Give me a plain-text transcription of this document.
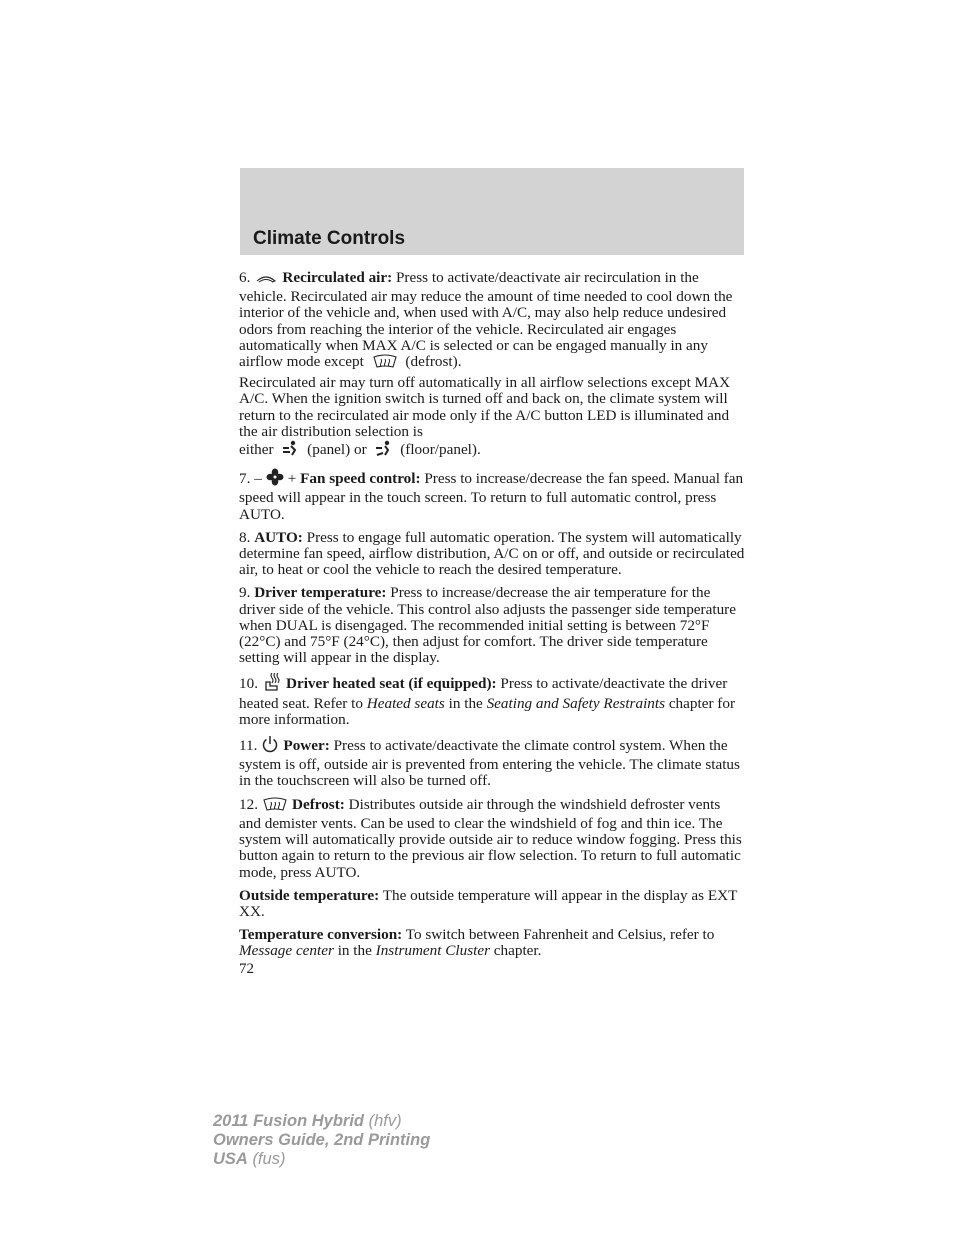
Climate Controls

6. Recirculated air: Press to activate/deactivate air recirculation in the vehicle. Recirculated air may reduce the amount of time needed to cool down the interior of the vehicle and, when used with A/C, may also help reduce undesired odors from reaching the interior of the vehicle. Recirculated air engages automatically when MAX A/C is selected or can be engaged manually in any airflow mode except	(defrost).

Recirculated air may turn off automatically in all airflow selections except MAX A/C. When the ignition switch is turned off and back on, the climate system will return to the recirculated air mode only if the A/C button LED is illuminated and the air distribution selection is
either (panel) or (floor/panel).

7. – + Fan speed control: Press to increase/decrease the fan speed. Manual fan speed will appear in the touch screen. To return to full automatic control, press AUTO.

8. AUTO: Press to engage full automatic operation. The system will automatically determine fan speed, airflow distribution, A/C on or off, and outside or recirculated air, to heat or cool the vehicle to reach the desired temperature.

9. Driver temperature: Press to increase/decrease the air temperature for the driver side of the vehicle. This control also adjusts the passenger side temperature when DUAL is disengaged. The recommended initial setting is between 72°F (22°C) and 75°F (24°C), then adjust for comfort. The driver side temperature setting will appear in the display.

10. Driver heated seat (if equipped): Press to activate/deactivate the driver heated seat. Refer to Heated seats in the Seating and Safety Restraints chapter for more information.

11. Power: Press to activate/deactivate the climate control system. When the system is off, outside air is prevented from entering the vehicle. The climate status in the touchscreen will also be turned off.

12. Defrost: Distributes outside air through the windshield defroster vents and demister vents. Can be used to clear the windshield of fog and thin ice. The system will automatically provide outside air to reduce window fogging. Press this button again to return to the previous air flow selection. To return to full automatic mode, press AUTO.

Outside temperature: The outside temperature will appear in the display as EXT XX.

Temperature conversion: To switch between Fahrenheit and Celsius, refer to Message center in the Instrument Cluster chapter.

72
2011 Fusion Hybrid (hfv)
Owners Guide, 2nd Printing
USA (fus)
